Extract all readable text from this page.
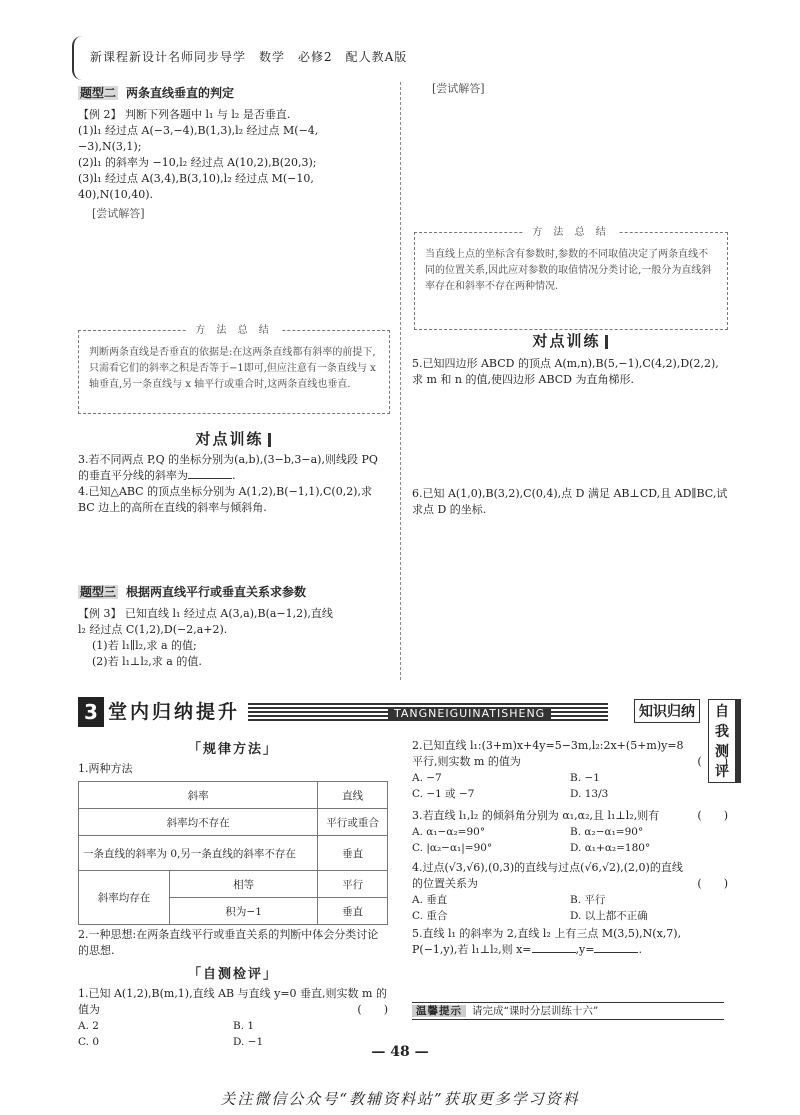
新课程新设计名师同步导学　数学　必修2　配人教A版
题型二 两条直线垂直的判定
【例 2】 判断下列各题中 l₁ 与 l₂ 是否垂直.
(1)l₁ 经过点 A(−3,−4),B(1,3),l₂ 经过点 M(−4,
−3),N(3,1);
(2)l₁ 的斜率为 −10,l₂ 经过点 A(10,2),B(20,3);
(3)l₁ 经过点 A(3,4),B(3,10),l₂ 经过点 M(−10,
40),N(10,40).
[尝试解答]
方 法 总 结
判断两条直线是否垂直的依据是:在这两条直线都有斜率的前提下,只需看它们的斜率之积是否等于−1即可,但应注意有一条直线与 x 轴垂直,另一条直线与 x 轴平行或重合时,这两条直线也垂直.
对点训练
3.若不同两点 P,Q 的坐标分别为(a,b),(3−b,3−a),则线段 PQ 的垂直平分线的斜率为	.
4.已知△ABC 的顶点坐标分别为 A(1,2),B(−1,1),C(0,2),求 BC 边上的高所在直线的斜率与倾斜角.
题型三 根据两直线平行或垂直关系求参数
【例 3】 已知直线 l₁ 经过点 A(3,a),B(a−1,2),直线
l₂ 经过点 C(1,2),D(−2,a+2).
(1)若 l₁∥l₂,求 a 的值;
(2)若 l₁⊥l₂,求 a 的值.
[尝试解答]
方 法 总 结
当直线上点的坐标含有参数时,参数的不同取值决定了两条直线不同的位置关系,因此应对参数的取值情况分类讨论,一般分为直线斜率存在和斜率不存在两种情况.
对点训练
5.已知四边形 ABCD 的顶点 A(m,n),B(5,−1),C(4,2),D(2,2),求 m 和 n 的值,使四边形 ABCD 为直角梯形.
6.已知 A(1,0),B(3,2),C(0,4),点 D 满足 AB⊥CD,且 AD∥BC,试求点 D 的坐标.
3 堂内归纳提升	TANGNEIGUINATISHENG	知识归纳	自我测评
「规律方法」
1.两种方法
斜率		直线
斜率均不存在		平行或重合
一条直线的斜率为 0,另一条直线的斜率不存在		垂直
斜率均存在	相等	平行
	积为−1	垂直
2.一种思想:在两条直线平行或垂直关系的判断中体会分类讨论的思想.
「自测检评」
1.已知 A(1,2),B(m,1),直线 AB 与直线 y=0 垂直,则实数 m 的值为	(　　)
A. 2	B. 1
C. 0	D. −1
2.已知直线 l₁:(3+m)x+4y=5−3m,l₂:2x+(5+m)y=8
平行,则实数 m 的值为	(　　)
A. −7	B. −1
C. −1 或 −7	D. 13/3
3.若直线 l₁,l₂ 的倾斜角分别为 α₁,α₂,且 l₁⊥l₂,则有	(　　)
A. α₁−α₂=90°	B. α₂−α₁=90°
C. |α₂−α₁|=90°	D. α₁+α₂=180°
4.过点(√3,√6),(0,3)的直线与过点(√6,√2),(2,0)的直线
的位置关系为	(　　)
A. 垂直	B. 平行
C. 重合	D. 以上都不正确
5.直线 l₁ 的斜率为 2,直线 l₂ 上有三点 M(3,5),N(x,7),
P(−1,y),若 l₁⊥l₂,则 x=	,y=	.
温馨提示 请完成“课时分层训练十六”
— 48 —
关注微信公众号“教辅资料站”获取更多学习资料
